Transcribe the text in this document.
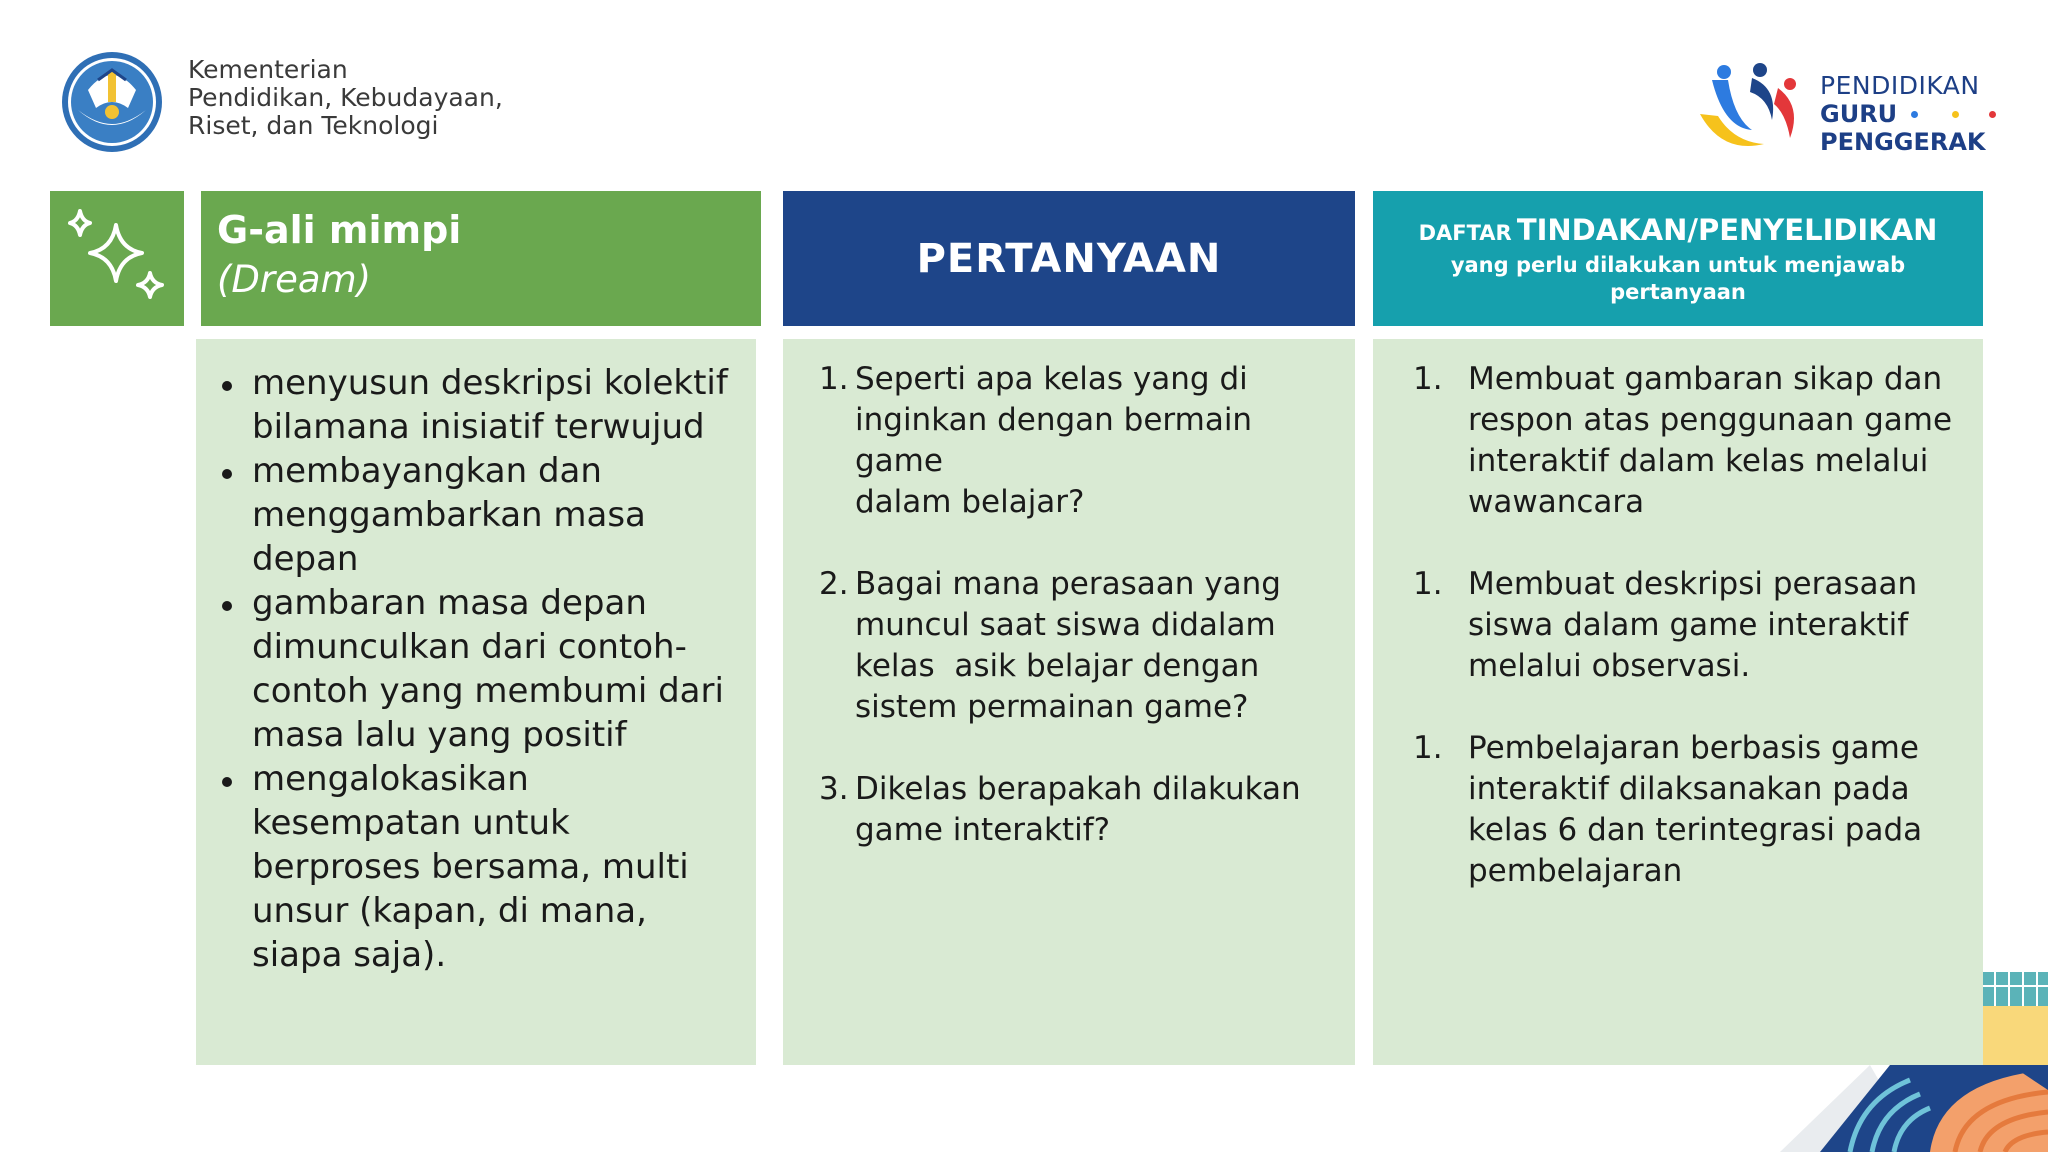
Kementerian
Pendidikan, Kebudayaan,
Riset, dan Teknologi
PENDIDIKAN
GURU
PENGGERAK
G-ali mimpi
(Dream)	PERTANYAAN
DAFTAR TINDAKAN/PENYELIDIKAN
yang perlu dilakukan untuk menjawab
pertanyaan
menyusun deskripsi kolektif
bilamana inisiatif terwujud
membayangkan dan
menggambarkan masa
depan
gambaran masa depan
dimunculkan dari contoh-
contoh yang membumi dari
masa lalu yang positif
mengalokasikan
kesempatan untuk
berproses bersama, multi
unsur (kapan, di mana,
siapa saja).
1. Seperti apa kelas yang di
inginkan dengan bermain game
dalam belajar?
2. Bagai mana perasaan yang
muncul saat siswa didalam
kelas  asik belajar dengan
sistem permainan game?
3. Dikelas berapakah dilakukan
game interaktif?
1. Membuat gambaran sikap dan
respon atas penggunaan game
interaktif dalam kelas melalui
wawancara
1. Membuat deskripsi perasaan
siswa dalam game interaktif
melalui observasi.
1. Pembelajaran berbasis game
interaktif dilaksanakan pada
kelas 6 dan terintegrasi pada
pembelajaran
